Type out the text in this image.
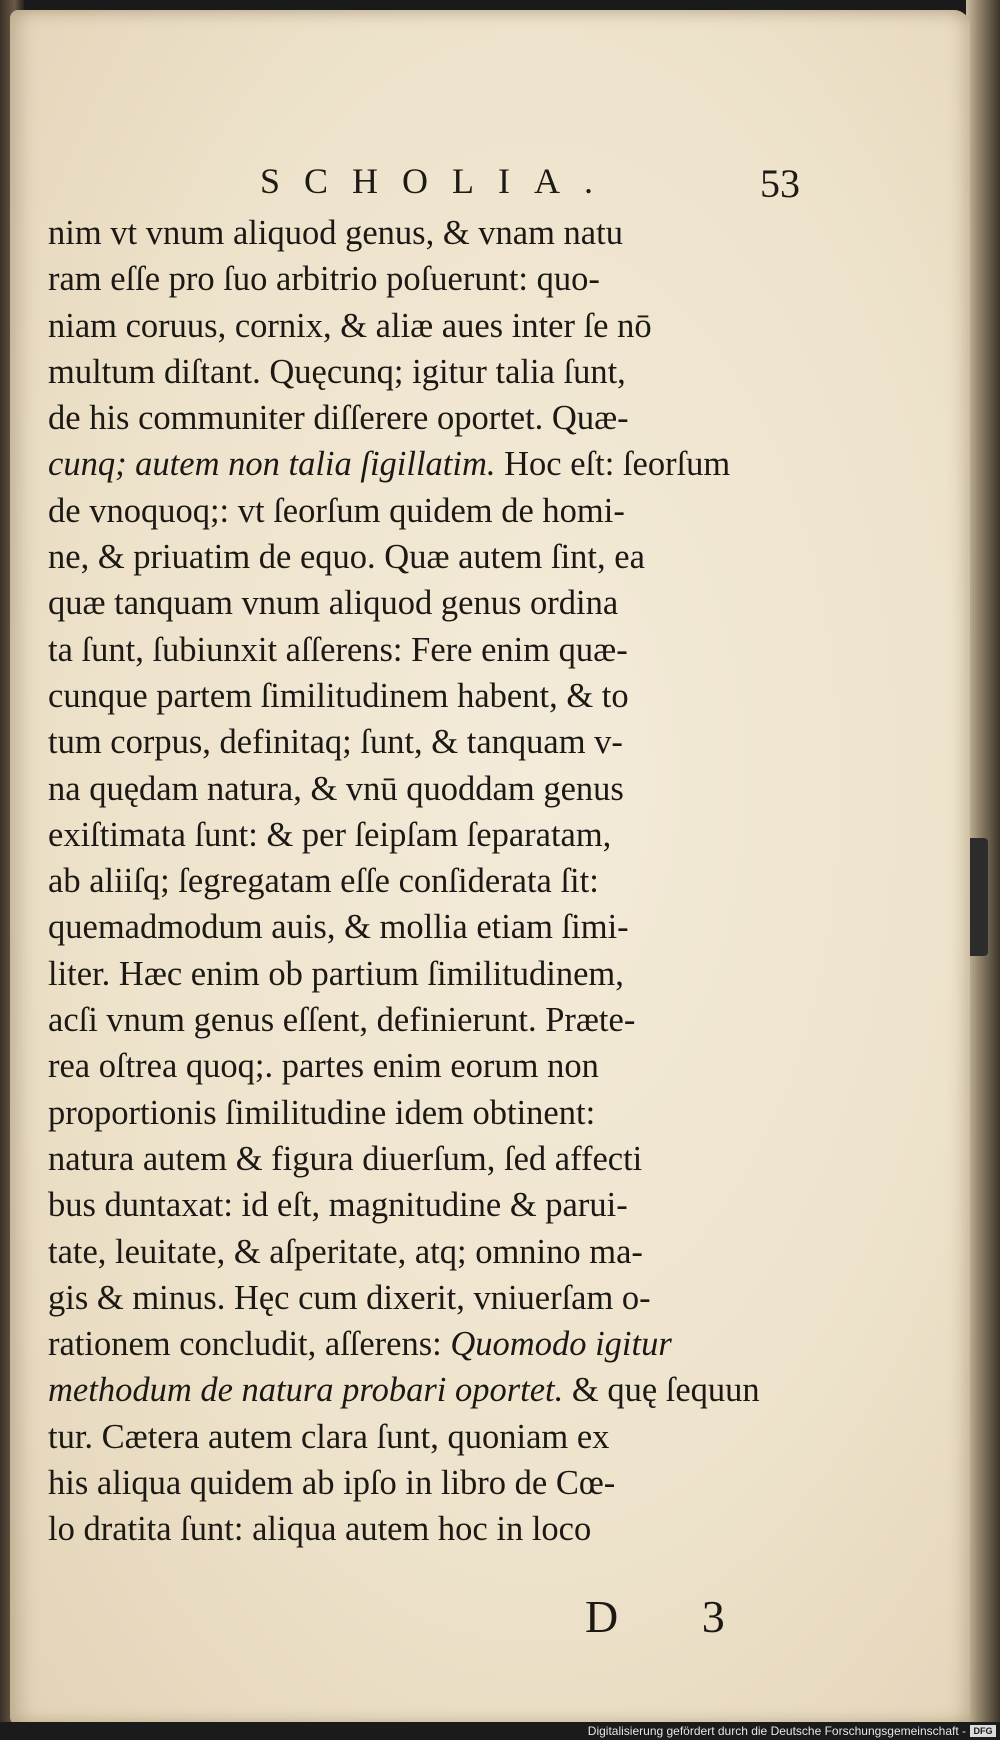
SCHOLIA.	53
nim vt vnum aliquod genus, & vnam natu
ram eſſe pro ſuo arbitrio poſuerunt: quo-
niam coruus, cornix, & aliæ aues inter ſe nō
multum diſtant. Quęcunq; igitur talia ſunt,
de his communiter diſſerere oportet. Quæ-
cunq; autem non talia ſigillatim. Hoc eſt: ſeorſum
de vnoquoq;: vt ſeorſum quidem de homi-
ne, & priuatim de equo. Quæ autem ſint, ea
quæ tanquam vnum aliquod genus ordina
ta ſunt, ſubiunxit aſſerens: Fere enim quæ-
cunque partem ſimilitudinem habent, & to
tum corpus, definitaq; ſunt, & tanquam v-
na quędam natura, & vnū quoddam genus
exiſtimata ſunt: & per ſeipſam ſeparatam,
ab aliiſq; ſegregatam eſſe conſiderata ſit:
quemadmodum auis, & mollia etiam ſimi-
liter. Hæc enim ob partium ſimilitudinem,
acſi vnum genus eſſent, definierunt. Præte-
rea oſtrea quoq;. partes enim eorum non
proportionis ſimilitudine idem obtinent:
natura autem & figura diuerſum, ſed affecti
bus duntaxat: id eſt, magnitudine & parui-
tate, leuitate, & aſperitate, atq; omnino ma-
gis & minus. Hęc cum dixerit, vniuerſam o-
rationem concludit, aſſerens: Quomodo igitur
methodum de natura probari oportet. & quę ſequun
tur. Cætera autem clara ſunt, quoniam ex
his aliqua quidem ab ipſo in libro de Cœ-
lo dratita ſunt: aliqua autem hoc in loco
D 3
Digitalisierung gefördert durch die Deutsche Forschungsgemeinschaft - DFG
